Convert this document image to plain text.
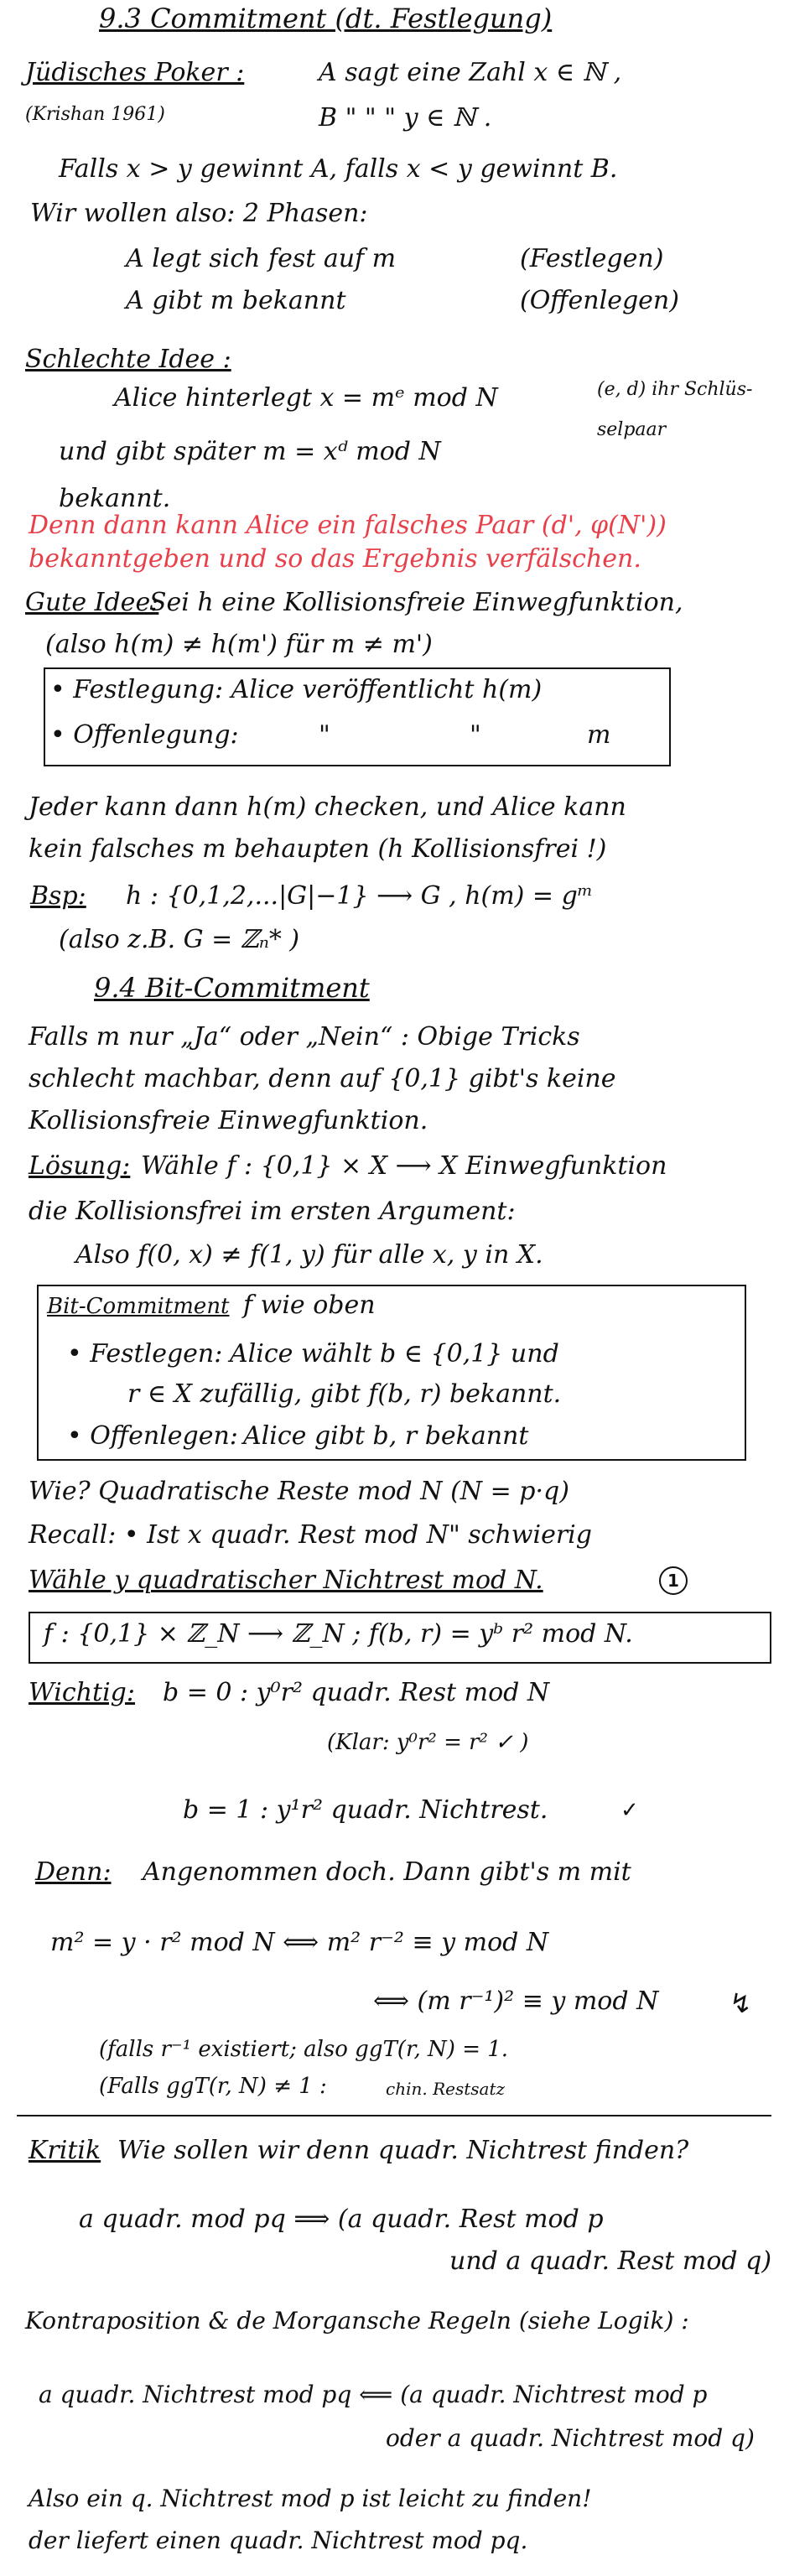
9.3 Commitment (dt. Festlegung)
Jüdisches Poker :
(Krishan 1961)
A sagt eine Zahl x ∈ ℕ ,
B " " " y ∈ ℕ .
Falls x > y gewinnt A, falls x < y gewinnt B.
Wir wollen also: 2 Phasen:
A legt sich fest auf m	(Festlegen)
A gibt m bekannt	(Offenlegen)
Schlechte Idee :
Alice hinterlegt x = mᵉ mod N
und gibt später m = xᵈ mod N
bekannt.
(e, d) ihr Schlüs-
selpaar
Denn dann kann Alice ein falsches Paar (d', φ(N'))
bekanntgeben und so das Ergebnis verfälschen.
Gute Idee:
Sei h eine Kollisionsfreie Einwegfunktion,
(also h(m) ≠ h(m') für m ≠ m')
• Festlegung: Alice veröffentlicht h(m)
• Offenlegung:	"	"	m
Jeder kann dann h(m) checken, und Alice kann
kein falsches m behaupten (h Kollisionsfrei !)
Bsp: h : {0,1,2,...|G|−1} ⟶ G , h(m) = gᵐ
(also z.B. G = ℤₙ* )
9.4 Bit-Commitment
Falls m nur „Ja“ oder „Nein“ : Obige Tricks
schlecht machbar, denn auf {0,1} gibt's keine
Kollisionsfreie Einwegfunktion.
Lösung: Wähle f : {0,1} × X ⟶ X Einwegfunktion
die Kollisionsfrei im ersten Argument:
Also f(0, x) ≠ f(1, y) für alle x, y in X.
Bit-Commitment f wie oben
• Festlegen: Alice wählt b ∈ {0,1} und
r ∈ X zufällig, gibt f(b, r) bekannt.
• Offenlegen: Alice gibt b, r bekannt
Wie? Quadratische Reste mod N (N = p·q)
Recall: • Ist x quadr. Rest mod N" schwierig
Wähle y quadratischer Nichtrest mod N.	1
f : {0,1} × ℤ_N ⟶ ℤ_N ; f(b, r) = yᵇ r² mod N.
Wichtig: b = 0 : y⁰r² quadr. Rest mod N
(Klar: y⁰r² = r² ✓ )
b = 1 : y¹r² quadr. Nichtrest.	✓
Denn: Angenommen doch. Dann gibt's m mit
m² = y · r² mod N ⟺ m² r⁻² ≡ y mod N
⟺ (m r⁻¹)² ≡ y mod N	↯
(falls r⁻¹ existiert; also ggT(r, N) = 1.
(Falls ggT(r, N) ≠ 1 :	chin. Restsatz
Kritik Wie sollen wir denn quadr. Nichtrest finden?
a quadr. mod pq ⟹ (a quadr. Rest mod p
und a quadr. Rest mod q)
Kontraposition & de Morgansche Regeln (siehe Logik) :
a quadr. Nichtrest mod pq ⟸ (a quadr. Nichtrest mod p
oder a quadr. Nichtrest mod q)
Also ein q. Nichtrest mod p ist leicht zu finden!
der liefert einen quadr. Nichtrest mod pq.
